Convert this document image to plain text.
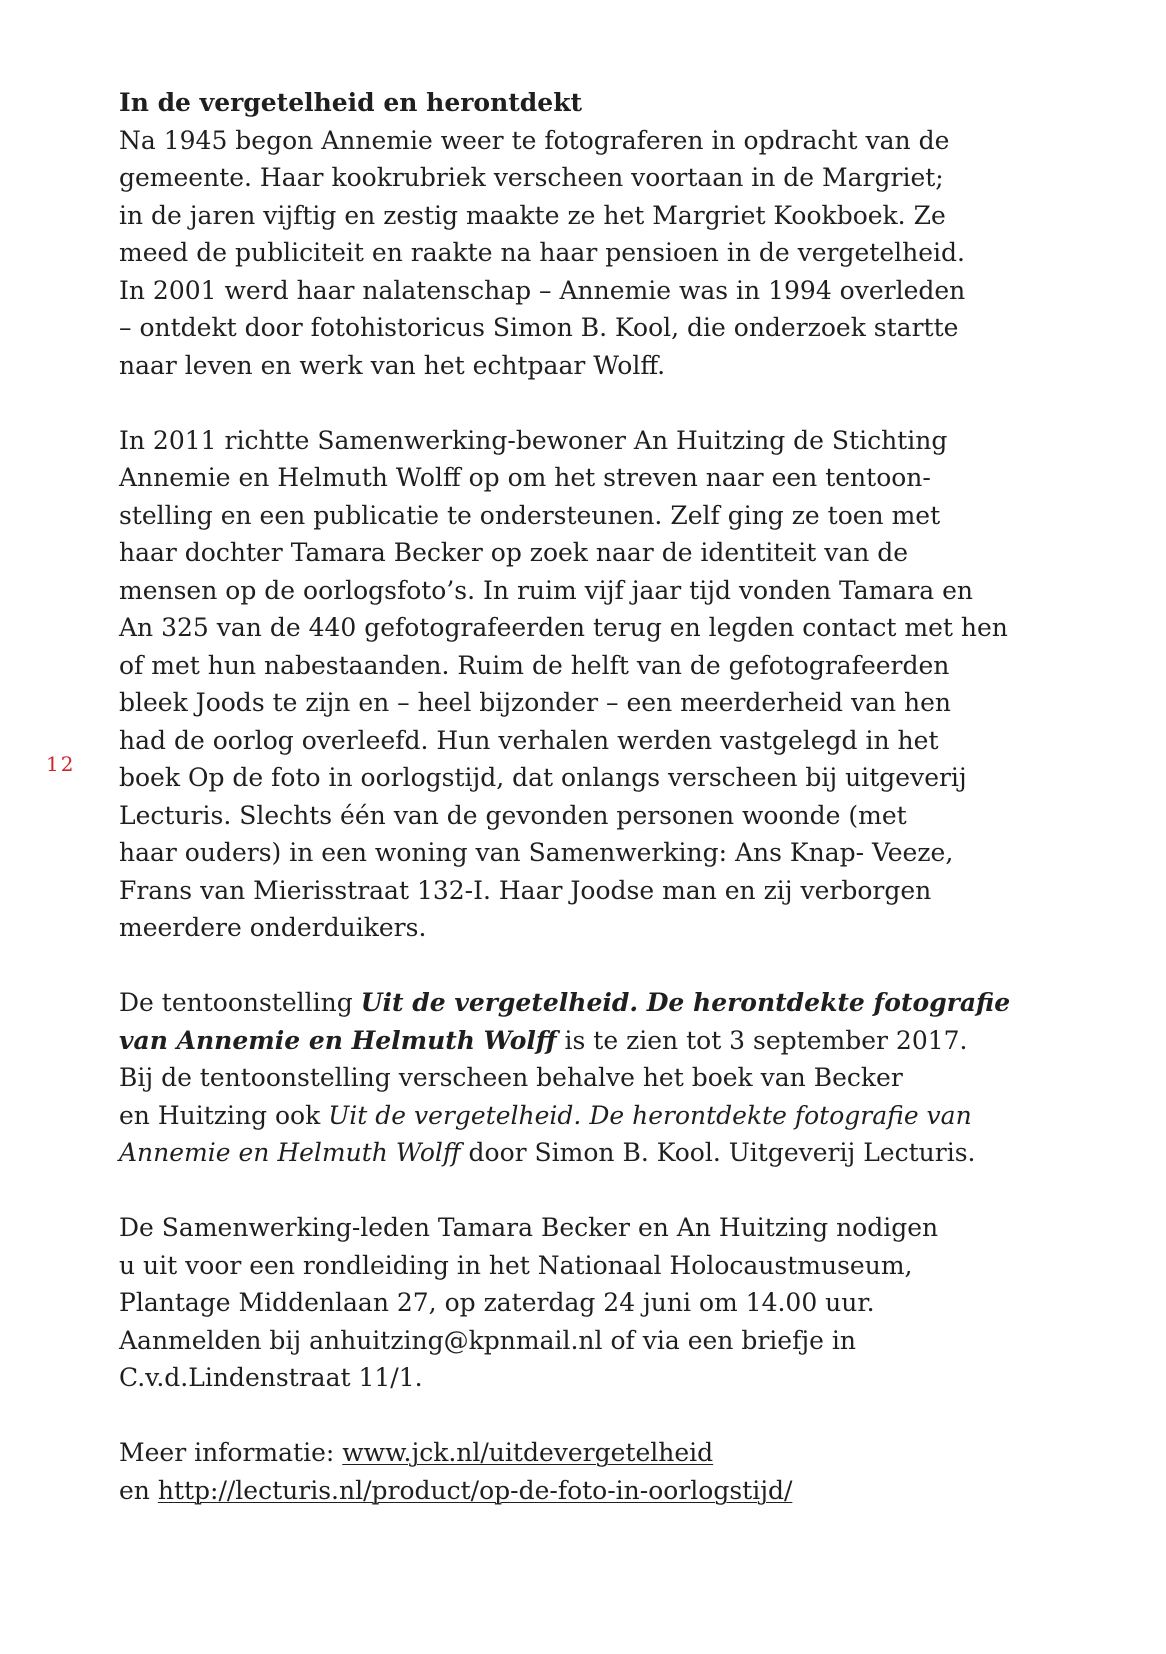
12

In de vergetelheid en herontdekt
Na 1945 begon Annemie weer te fotograferen in opdracht van de
gemeente. Haar kookrubriek verscheen voortaan in de Margriet;
in de jaren vijftig en zestig maakte ze het Margriet Kookboek. Ze
meed de publiciteit en raakte na haar pensioen in de vergetelheid.
In 2001 werd haar nalatenschap – Annemie was in 1994 overleden
– ontdekt door fotohistoricus Simon B. Kool, die onderzoek startte
naar leven en werk van het echtpaar Wolff.

In 2011 richtte Samenwerking-bewoner An Huitzing de Stichting
Annemie en Helmuth Wolff op om het streven naar een tentoon-
stelling en een publicatie te ondersteunen. Zelf ging ze toen met
haar dochter Tamara Becker op zoek naar de identiteit van de
mensen op de oorlogsfoto’s. In ruim vijf jaar tijd vonden Tamara en
An 325 van de 440 gefotografeerden terug en legden contact met hen
of met hun nabestaanden. Ruim de helft van de gefotografeerden
bleek Joods te zijn en – heel bijzonder – een meerderheid van hen
had de oorlog overleefd. Hun verhalen werden vastgelegd in het
boek Op de foto in oorlogstijd, dat onlangs verscheen bij uitgeverij
Lecturis. Slechts één van de gevonden personen woonde (met
haar ouders) in een woning van Samenwerking: Ans Knap- Veeze,
Frans van Mierisstraat 132-I. Haar Joodse man en zij verborgen
meerdere onderduikers.

De tentoonstelling Uit de vergetelheid. De herontdekte fotografie
van Annemie en Helmuth Wolff is te zien tot 3 september 2017.
Bij de tentoonstelling verscheen behalve het boek van Becker
en Huitzing ook Uit de vergetelheid. De herontdekte fotografie van
Annemie en Helmuth Wolff door Simon B. Kool. Uitgeverij Lecturis.

De Samenwerking-leden Tamara Becker en An Huitzing nodigen
u uit voor een rondleiding in het Nationaal Holocaustmuseum,
Plantage Middenlaan 27, op zaterdag 24 juni om 14.00 uur.
Aanmelden bij anhuitzing@kpnmail.nl of via een briefje in
C.v.d.Lindenstraat 11/1.

Meer informatie: www.jck.nl/uitdevergetelheid
en http://lecturis.nl/product/op-de-foto-in-oorlogstijd/
